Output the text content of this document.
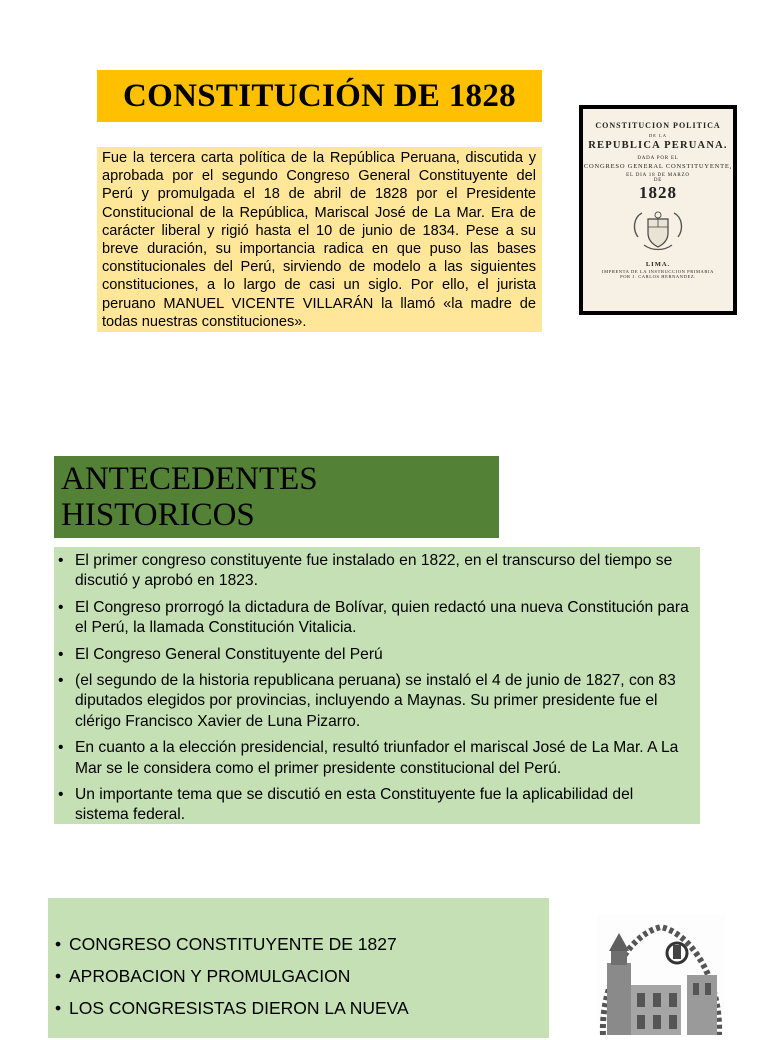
CONSTITUCIÓN DE 1828
Fue la tercera carta política de la República Peruana, discutida y aprobada por el segundo Congreso General Constituyente del Perú y promulgada el 18 de abril de 1828 por el Presidente Constitucional de la República, Mariscal José de La Mar. Era de carácter liberal y rigió hasta el 10 de junio de 1834. Pese a su breve duración, su importancia radica en que puso las bases constitucionales del Perú, sirviendo de modelo a las siguientes constituciones, a lo largo de casi un siglo. Por ello, el jurista peruano MANUEL VICENTE VILLARÁN la llamó «la madre de todas nuestras constituciones».
CONSTITUCION POLITICA
DE LA
REPUBLICA PERUANA.
DADA POR EL
CONGRESO GENERAL CONSTITUYENTE,
EL DIA 18 DE MARZO
DE
1828
LIMA.
IMPRENTA DE LA INSTRUCCION PRIMARIA
POR J. CARLOS HERNANDEZ.
ANTECEDENTES
HISTORICOS
• El primer congreso constituyente fue instalado en 1822, en el transcurso del tiempo se discutió y aprobó en 1823.
• El Congreso prorrogó la dictadura de Bolívar, quien redactó una nueva Constitución para el Perú, la llamada Constitución Vitalicia.
• El Congreso General Constituyente del Perú
• (el segundo de la historia republicana peruana) se instaló el 4 de junio de 1827, con 83 diputados elegidos por provincias, incluyendo a Maynas. Su primer presidente fue el clérigo Francisco Xavier de Luna Pizarro.
• En cuanto a la elección presidencial, resultó triunfador el mariscal José de La Mar. A La Mar se le considera como el primer presidente constitucional del Perú.
• Un importante tema que se discutió en esta Constituyente fue la aplicabilidad del sistema federal.
• CONGRESO CONSTITUYENTE DE 1827
• APROBACION Y PROMULGACION
• LOS CONGRESISTAS DIERON LA NUEVA
